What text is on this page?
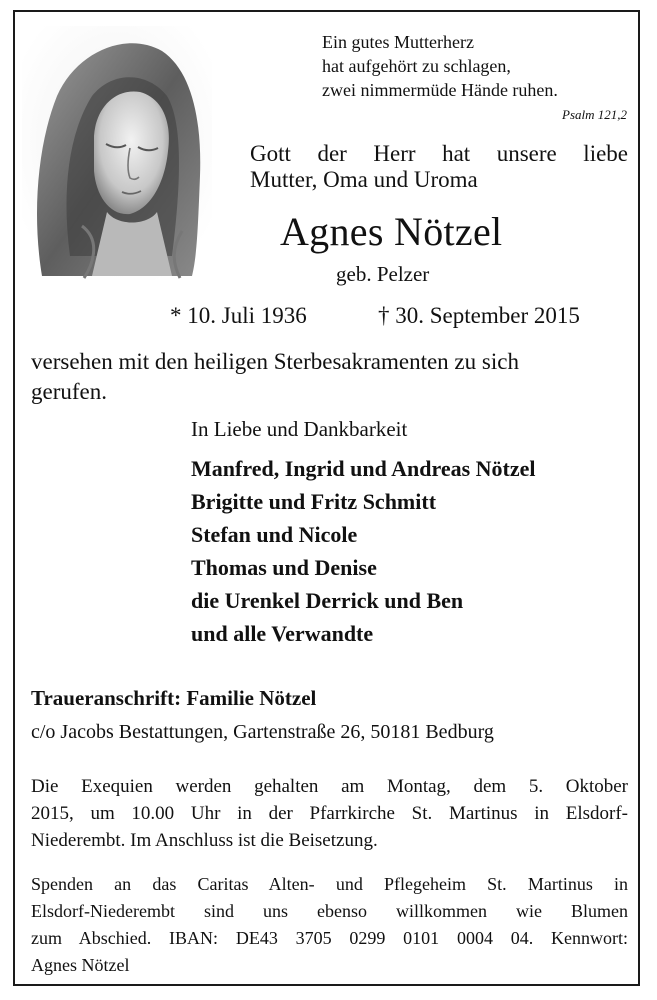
Ein gutes Mutterherz
hat aufgehört zu schlagen,
zwei nimmermüde Hände ruhen.
Psalm 121,2
Gott der Herr hat unsere liebe
Mutter, Oma und Uroma
Agnes Nötzel
geb. Pelzer
* 10. Juli 1936	† 30. September 2015
versehen mit den heiligen Sterbesakramenten zu sich
gerufen.
In Liebe und Dankbarkeit
Manfred, Ingrid und Andreas Nötzel
Brigitte und Fritz Schmitt
Stefan und Nicole
Thomas und Denise
die Urenkel Derrick und Ben
und alle Verwandte
Traueranschrift: Familie Nötzel
c/o Jacobs Bestattungen, Gartenstraße 26, 50181 Bedburg
Die Exequien werden gehalten am Montag, dem 5. Oktober
2015, um 10.00 Uhr in der Pfarrkirche St. Martinus in Elsdorf-
Niederembt. Im Anschluss ist die Beisetzung.
Spenden an das Caritas Alten- und Pflegeheim St. Martinus in
Elsdorf-Niederembt sind uns ebenso willkommen wie Blumen
zum Abschied. IBAN: DE43 3705 0299 0101 0004 04. Kennwort:
Agnes Nötzel
